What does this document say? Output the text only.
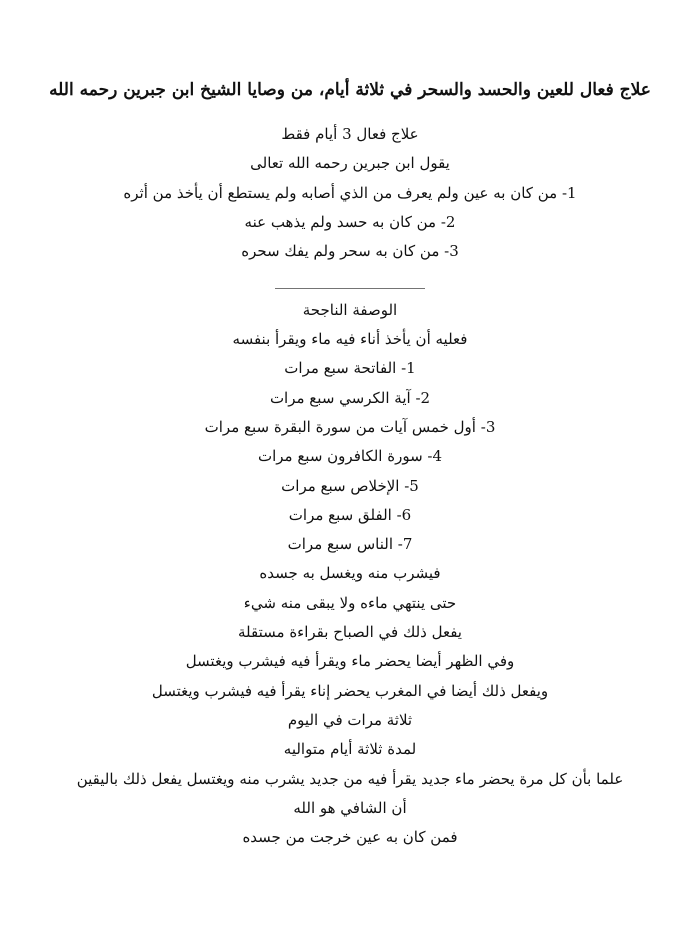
علاج فعال للعين والحسد والسحر في ثلاثة أيام، من وصايا الشيخ ابن جبرين رحمه الله
علاج فعال 3 أيام فقط
يقول ابن جبرين رحمه الله تعالى
1- من كان به عين ولم يعرف من الذي أصابه ولم يستطع أن يأخذ من أثره
2- من كان به حسد ولم يذهب عنه
3- من كان به سحر ولم يفك سحره
____________________
الوصفة الناجحة
فعليه أن يأخذ أناء فيه ماء ويقرأ بنفسه
1- الفاتحة سبع مرات
2- آية الكرسي سبع مرات
3- أول خمس آيات من سورة البقرة سبع مرات
4- سورة الكافرون سبع مرات
5- الإخلاص سبع مرات
6- الفلق سبع مرات
7- الناس سبع مرات
فيشرب منه ويغسل به جسده
حتى ينتهي ماءه ولا يبقى منه شيء
يفعل ذلك في الصباح بقراءة مستقلة
وفي الظهر أيضا يحضر ماء ويقرأ فيه فيشرب ويغتسل
ويفعل ذلك أيضا في المغرب يحضر إناء يقرأ فيه فيشرب ويغتسل
ثلاثة مرات في اليوم
لمدة ثلاثة أيام متواليه
علما بأن كل مرة يحضر ماء جديد يقرأ فيه من جديد يشرب منه ويغتسل يفعل ذلك باليقين
أن الشافي هو الله
فمن كان به عين خرجت من جسده
